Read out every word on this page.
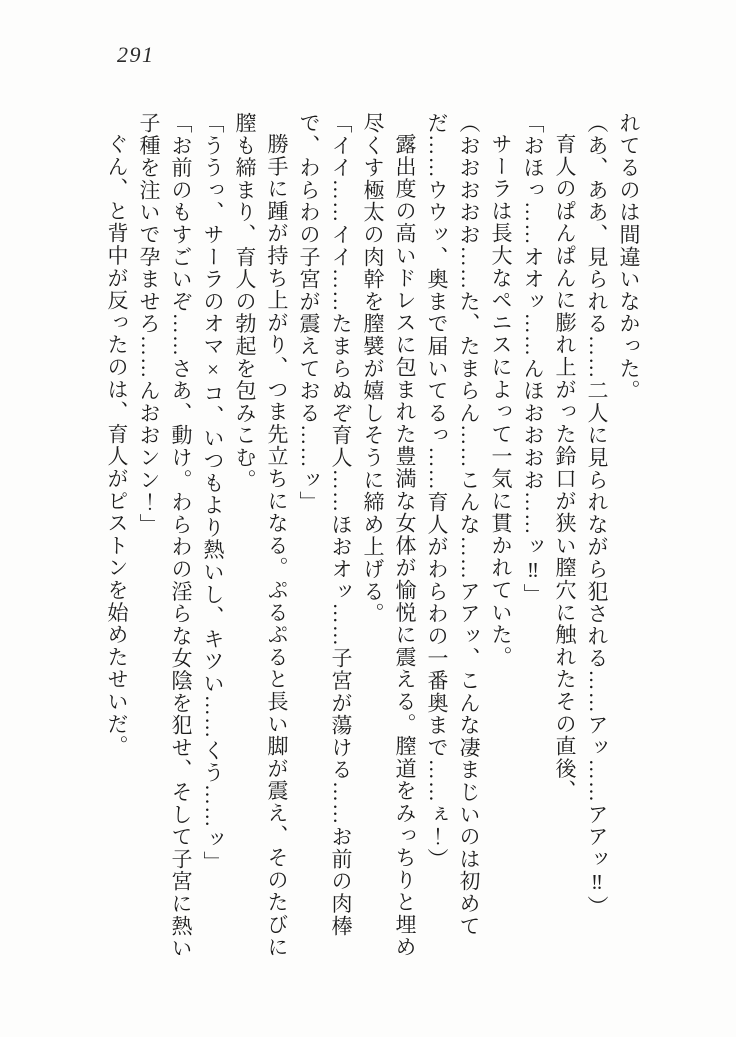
291

れてるのは間違いなかった。

（あ、ああ、見られる……二人に見られながら犯される……アッ……アアッ‼）

育人のぱんぱんに膨れ上がった鈴口が狭い膣穴に触れたその直後、

「おほっ……オオッ……んほおおおお……ッ‼」

サーラは長大なペニスによって一気に貫かれていた。

（おおおおお……た、たまらん……こんな……アアッ、こんな凄まじいのは初めてだ……ウウッ、奥まで届いてるっ……育人がわらわの一番奥まで……ぇ！）

露出度の高いドレスに包まれた豊満な女体が愉悦に震える。膣道をみっちりと埋め尽くす極太の肉幹を膣襞が嬉しそうに締め上げる。

「イイ……イイ……たまらぬぞ育人……ほおオッ……子宮が蕩ける……お前の肉棒で、わらわの子宮が震えておる……ッ」

勝手に踵が持ち上がり、つま先立ちになる。ぷるぷると長い脚が震え、そのたびに膣も締まり、育人の勃起を包みこむ。

「ううっ、サーラのオマ×コ、いつもより熱いし、キツい……くう……ッ」

「お前のもすごいぞ……さあ、動け。わらわの淫らな女陰を犯せ、そして子宮に熱い子種を注いで孕ませろ……んおおンン！」

ぐん、と背中が反ったのは、育人がピストンを始めたせいだ。
